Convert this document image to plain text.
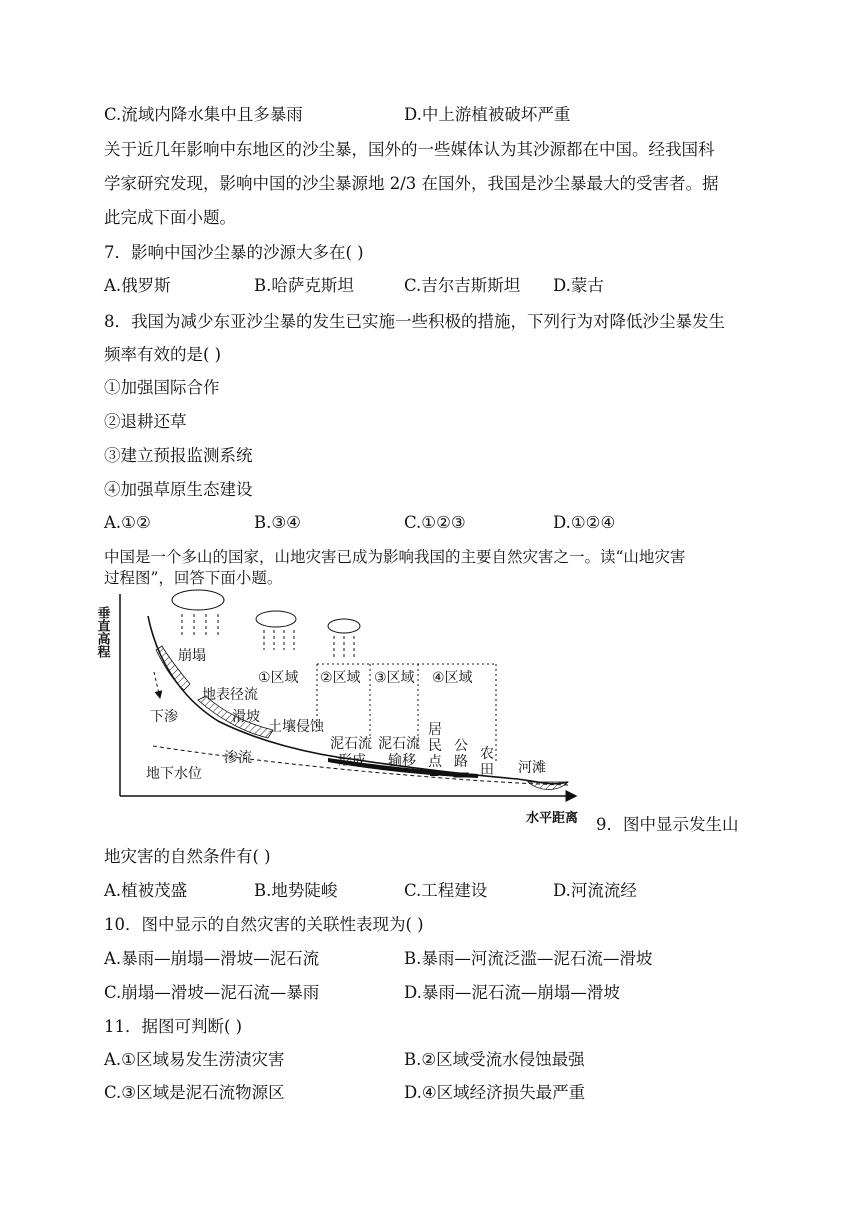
C.流域内降水集中且多暴雨	D.中上游植被破坏严重
关于近几年影响中东地区的沙尘暴，国外的一些媒体认为其沙源都在中国。经我国科
学家研究发现，影响中国的沙尘暴源地 2/3 在国外，我国是沙尘暴最大的受害者。据
此完成下面小题。
7．影响中国沙尘暴的沙源大多在( )
A.俄罗斯	B.哈萨克斯坦	C.吉尔吉斯斯坦 D.蒙古
8．我国为减少东亚沙尘暴的发生已实施一些积极的措施，下列行为对降低沙尘暴发生
频率有效的是( )
①加强国际合作
②退耕还草
③建立预报监测系统
④加强草原生态建设
A.①②	B.③④	C.①②③	D.①②④
中国是一个多山的国家，山地灾害已成为影响我国的主要自然灾害之一。读“山地灾害
过程图”，回答下面小题。
垂直高程
水平距离
崩塌
下渗
地表径流
滑坡
土壤侵蚀
渗流
地下水位
①区域 ②区域 ③区域 ④区域
泥石流
形成
泥石流
输移
居
民
点
公
路 农
田 河滩
9．图中显示发生山
地灾害的自然条件有( )
A.植被茂盛	B.地势陡峻	C.工程建设	D.河流流经
10．图中显示的自然灾害的关联性表现为( )
A.暴雨—崩塌—滑坡—泥石流	B.暴雨—河流泛滥—泥石流—滑坡
C.崩塌—滑坡—泥石流—暴雨	D.暴雨—泥石流—崩塌—滑坡
11．据图可判断( )
A.①区域易发生涝渍灾害	B.②区域受流水侵蚀最强
C.③区域是泥石流物源区	D.④区域经济损失最严重
